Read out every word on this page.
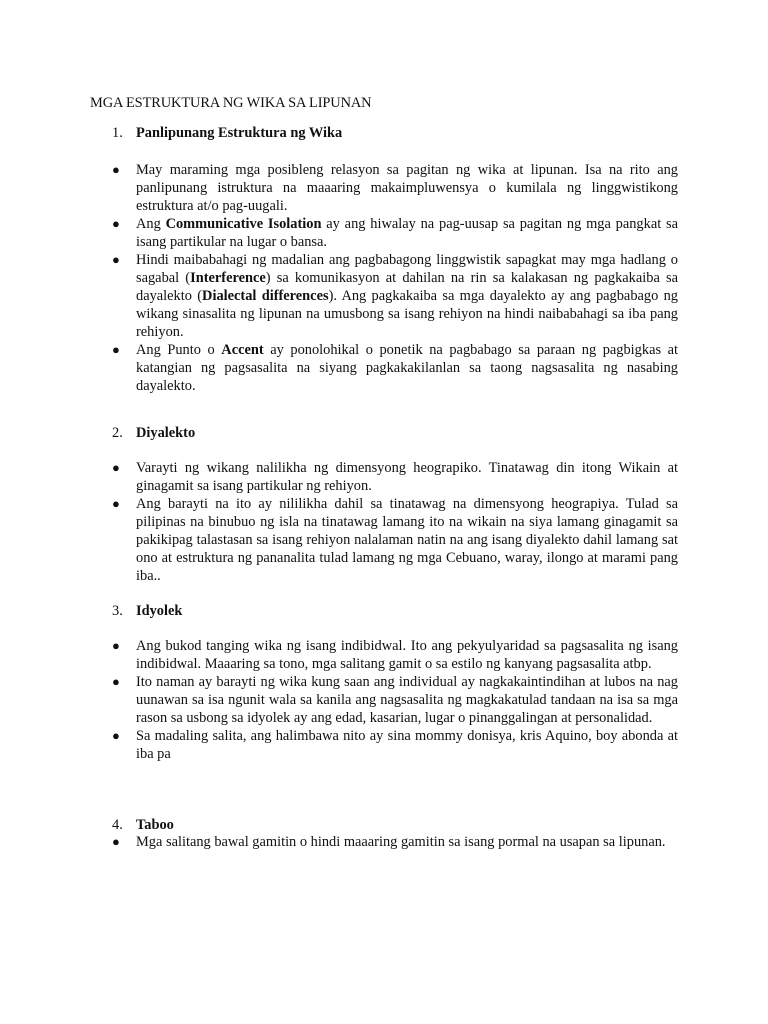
MGA ESTRUKTURA NG WIKA SA LIPUNAN
1. Panlipunang Estruktura ng Wika
● May maraming mga posibleng relasyon sa pagitan ng wika at lipunan. Isa na rito ang panlipunang istruktura na maaaring makaimpluwensya o kumilala ng linggwistikong estruktura at/o pag-uugali.
● Ang Communicative Isolation ay ang hiwalay na pag-uusap sa pagitan ng mga pangkat sa isang partikular na lugar o bansa.
● Hindi maibabahagi ng madalian ang pagbabagong linggwistik sapagkat may mga hadlang o sagabal (Interference) sa komunikasyon at dahilan na rin sa kalakasan ng pagkakaiba sa dayalekto (Dialectal differences). Ang pagkakaiba sa mga dayalekto ay ang pagbabago ng wikang sinasalita ng lipunan na umusbong sa isang rehiyon na hindi naibabahagi sa iba pang rehiyon.
● Ang Punto o Accent ay ponolohikal o ponetik na pagbabago sa paraan ng pagbigkas at katangian ng pagsasalita na siyang pagkakakilanlan sa taong nagsasalita ng nasabing dayalekto.
2. Diyalekto
● Varayti ng wikang nalilikha ng dimensyong heograpiko. Tinatawag din itong Wikain at ginagamit sa isang partikular ng rehiyon.
● Ang barayti na ito ay nililikha dahil sa tinatawag na dimensyong heograpiya. Tulad sa pilipinas na binubuo ng isla na tinatawag lamang ito na wikain na siya lamang ginagamit sa pakikipag talastasan sa isang rehiyon nalalaman natin na ang isang diyalekto dahil lamang sat ono at estruktura ng pananalita tulad lamang ng mga Cebuano, waray, ilongo at marami pang iba..
3. Idyolek
● Ang bukod tanging wika ng isang indibidwal. Ito ang pekyulyaridad sa pagsasalita ng isang indibidwal. Maaaring sa tono, mga salitang gamit o sa estilo ng kanyang pagsasalita atbp.
● Ito naman ay barayti ng wika kung saan ang individual ay nagkakaintindihan at lubos na nag uunawan sa isa ngunit wala sa kanila ang nagsasalita ng magkakatulad tandaan na isa sa mga rason sa usbong sa idyolek ay ang edad, kasarian, lugar o pinanggalingan at personalidad.
● Sa madaling salita, ang halimbawa nito ay sina mommy donisya, kris Aquino, boy abonda at iba pa
4. Taboo
● Mga salitang bawal gamitin o hindi maaaring gamitin sa isang pormal na usapan sa lipunan.
